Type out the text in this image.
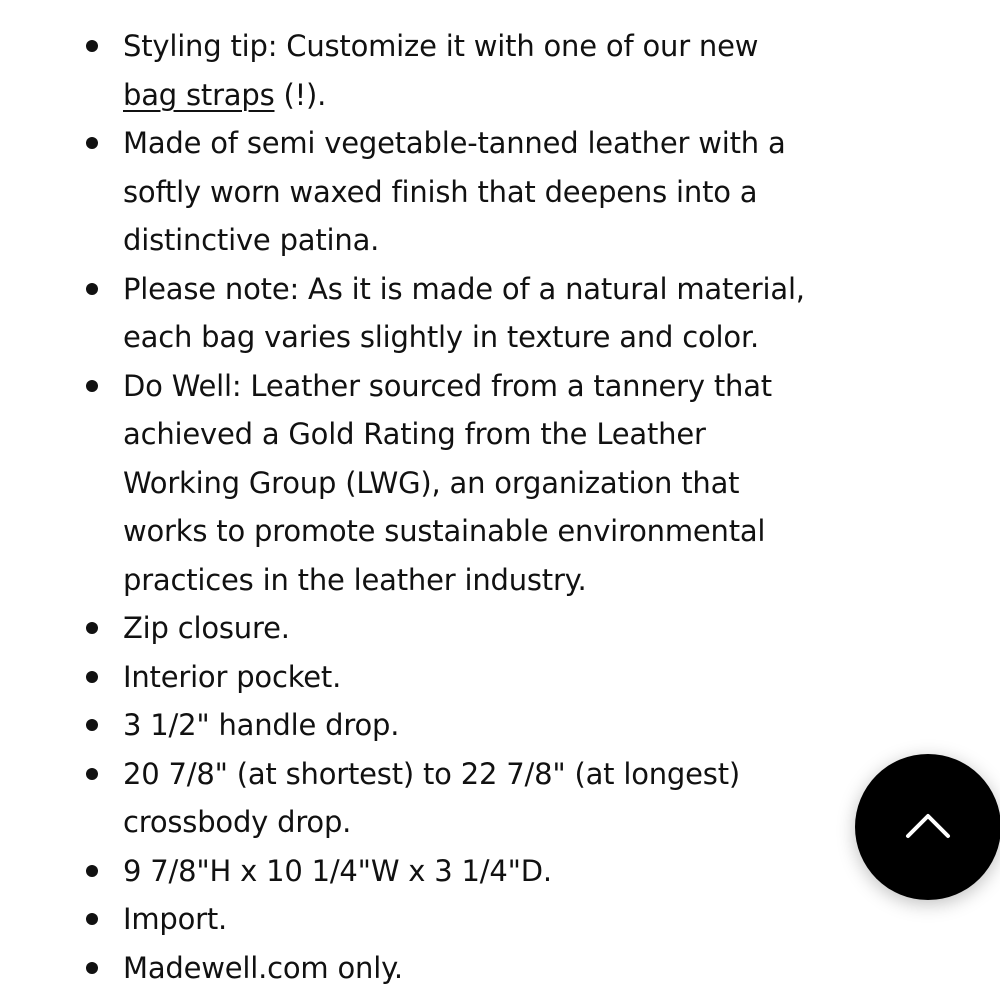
Styling tip: Customize it with one of our new
bag straps (!).
Made of semi vegetable-tanned leather with a
softly worn waxed finish that deepens into a
distinctive patina.
Please note: As it is made of a natural material,
each bag varies slightly in texture and color.
Do Well: Leather sourced from a tannery that
achieved a Gold Rating from the Leather
Working Group (LWG), an organization that
works to promote sustainable environmental
practices in the leather industry.
Zip closure.
Interior pocket.
3 1/2" handle drop.
20 7/8" (at shortest) to 22 7/8" (at longest)
crossbody drop.
9 7/8"H x 10 1/4"W x 3 1/4"D.
Import.
Madewell.com only.
